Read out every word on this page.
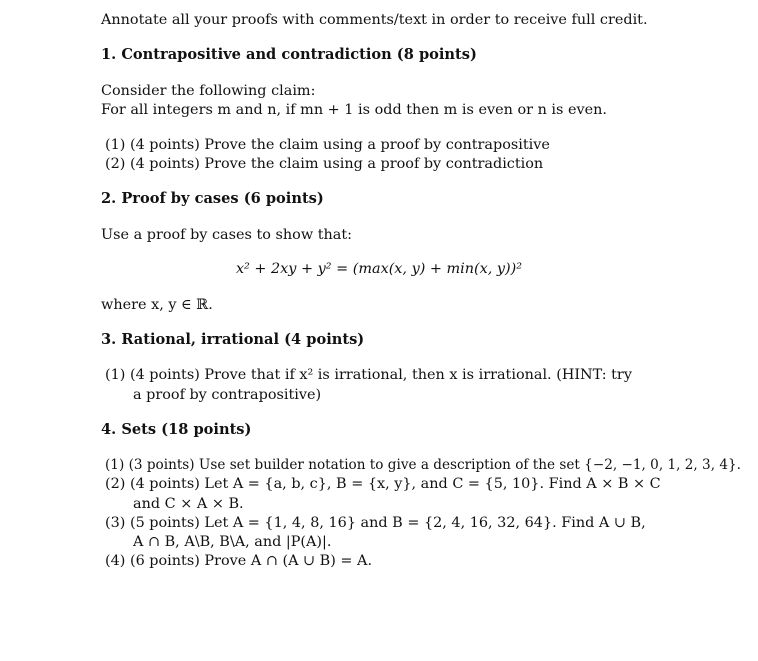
Annotate all your proofs with comments/text in order to receive full credit.
1. Contrapositive and contradiction (8 points)
Consider the following claim:
For all integers m and n, if mn + 1 is odd then m is even or n is even.
(1) (4 points) Prove the claim using a proof by contrapositive
(2) (4 points) Prove the claim using a proof by contradiction
2. Proof by cases (6 points)
Use a proof by cases to show that:
x² + 2xy + y² = (max(x, y) + min(x, y))²
where x, y ∈ ℝ.
3. Rational, irrational (4 points)
(1) (4 points) Prove that if x² is irrational, then x is irrational. (HINT: try
a proof by contrapositive)
4. Sets (18 points)
(1) (3 points) Use set builder notation to give a description of the set {−2, −1, 0, 1, 2, 3, 4}.
(2) (4 points) Let A = {a, b, c}, B = {x, y}, and C = {5, 10}. Find A × B × C
and C × A × B.
(3) (5 points) Let A = {1, 4, 8, 16} and B = {2, 4, 16, 32, 64}. Find A ∪ B,
A ∩ B, A\B, B\A, and |P(A)|.
(4) (6 points) Prove A ∩ (A ∪ B) = A.
